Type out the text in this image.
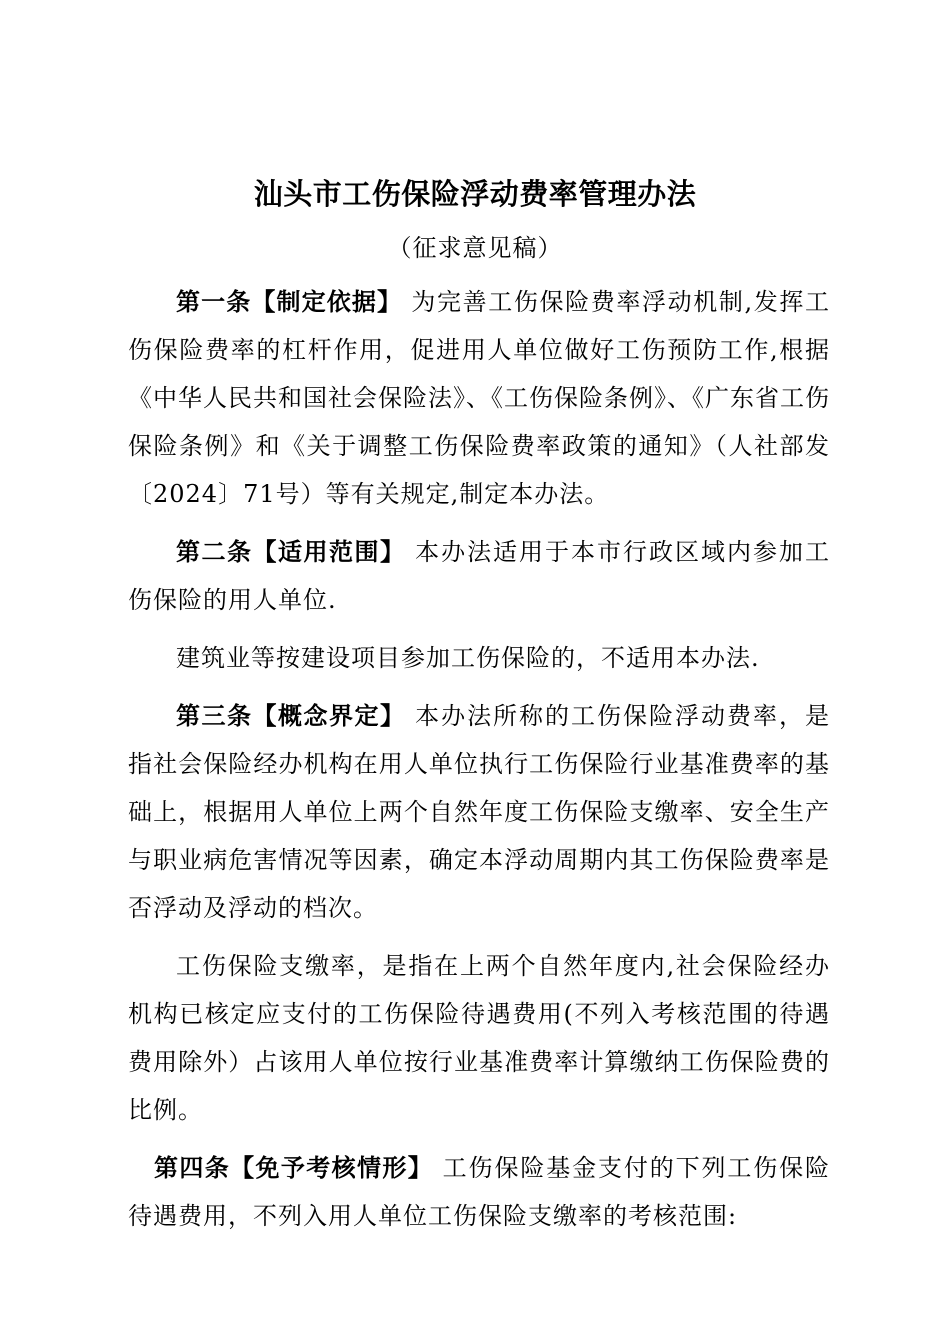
汕头市工伤保险浮动费率管理办法
（征求意见稿）

第一条【制定依据】 为完善工伤保险费率浮动机制,发挥工伤保险费率的杠杆作用，促进用人单位做好工伤预防工作,根据《中华人民共和国社会保险法》、《工伤保险条例》、《广东省工伤保险条例》和《关于调整工伤保险费率政策的通知》（人社部发〔2024〕71号）等有关规定,制定本办法。

第二条【适用范围】 本办法适用于本市行政区域内参加工伤保险的用人单位.

建筑业等按建设项目参加工伤保险的，不适用本办法.

第三条【概念界定】 本办法所称的工伤保险浮动费率，是指社会保险经办机构在用人单位执行工伤保险行业基准费率的基础上，根据用人单位上两个自然年度工伤保险支缴率、安全生产与职业病危害情况等因素，确定本浮动周期内其工伤保险费率是否浮动及浮动的档次。

工伤保险支缴率，是指在上两个自然年度内,社会保险经办机构已核定应支付的工伤保险待遇费用(不列入考核范围的待遇费用除外）占该用人单位按行业基准费率计算缴纳工伤保险费的比例。

第四条【免予考核情形】 工伤保险基金支付的下列工伤保险待遇费用，不列入用人单位工伤保险支缴率的考核范围:
